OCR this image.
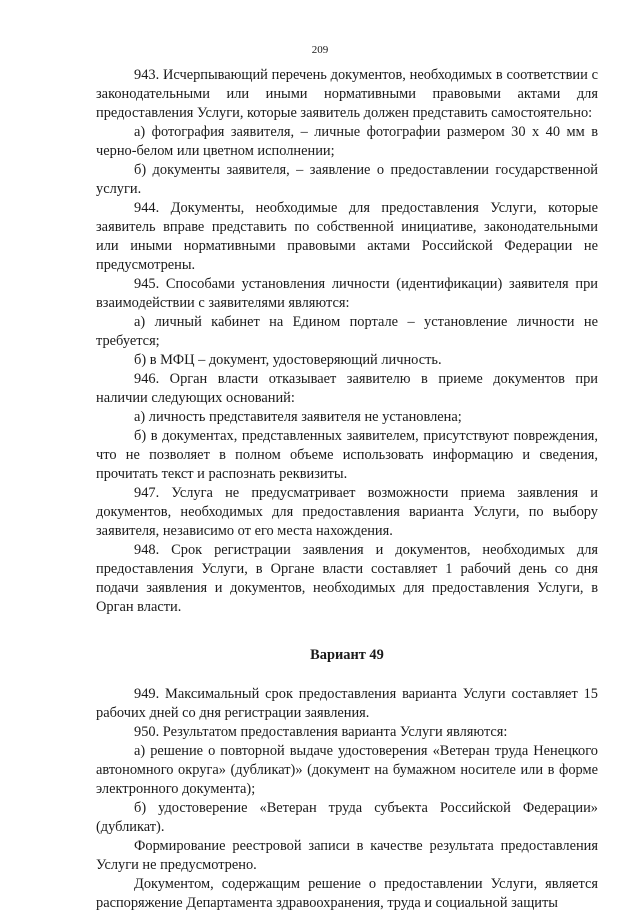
209

943. Исчерпывающий перечень документов, необходимых в соответствии с законодательными или иными нормативными правовыми актами для предоставления Услуги, которые заявитель должен представить самостоятельно:

а) фотография заявителя, – личные фотографии размером 30 x 40 мм в черно-белом или цветном исполнении;

б) документы заявителя, – заявление о предоставлении государственной услуги.

944. Документы, необходимые для предоставления Услуги, которые заявитель вправе представить по собственной инициативе, законодательными или иными нормативными правовыми актами Российской Федерации не предусмотрены.

945. Способами установления личности (идентификации) заявителя при взаимодействии с заявителями являются:

а) личный кабинет на Едином портале – установление личности не требуется;

б) в МФЦ – документ, удостоверяющий личность.

946. Орган власти отказывает заявителю в приеме документов при наличии следующих оснований:

а) личность представителя заявителя не установлена;

б) в документах, представленных заявителем, присутствуют повреждения, что не позволяет в полном объеме использовать информацию и сведения, прочитать текст и распознать реквизиты.

947. Услуга не предусматривает возможности приема заявления и документов, необходимых для предоставления варианта Услуги, по выбору заявителя, независимо от его места нахождения.

948. Срок регистрации заявления и документов, необходимых для предоставления Услуги, в Органе власти составляет 1 рабочий день со дня подачи заявления и документов, необходимых для предоставления Услуги, в Орган власти.

Вариант 49

949. Максимальный срок предоставления варианта Услуги составляет 15 рабочих дней со дня регистрации заявления.

950. Результатом предоставления варианта Услуги являются:

а) решение о повторной выдаче удостоверения «Ветеран труда Ненецкого автономного округа» (дубликат)» (документ на бумажном носителе или в форме электронного документа);

б) удостоверение «Ветеран труда субъекта Российской Федерации» (дубликат).

Формирование реестровой записи в качестве результата предоставления Услуги не предусмотрено.

Документом, содержащим решение о предоставлении Услуги, является распоряжение Департамента здравоохранения, труда и социальной защиты
